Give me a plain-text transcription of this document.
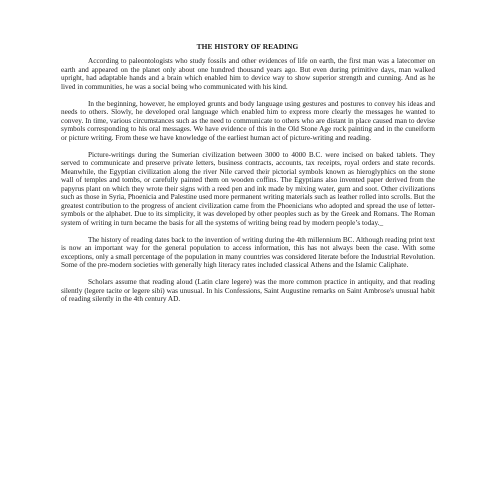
THE HISTORY OF READING

According to paleontologists who study fossils and other evidences of life on earth, the first man was a latecomer on earth and appeared on the planet only about one hundred thousand years ago. But even during primitive days, man walked upright, had adaptable hands and a brain which enabled him to device way to show superior strength and cunning. And as he lived in communities, he was a social being who communicated with his kind.

In the beginning, however, he employed grunts and body language using gestures and postures to convey his ideas and needs to others. Slowly, he developed oral language which enabled him to express more clearly the messages he wanted to convey. In time, various circumstances such as the need to communicate to others who are distant in place caused man to devise symbols corresponding to his oral messages. We have evidence of this in the Old Stone Age rock painting and in the cuneiform or picture writing. From these we have knowledge of the earliest human act of picture-writing and reading.

Picture-writings during the Sumerian civilization between 3000 to 4000 B.C. were incised on baked tablets. They served to communicate and preserve private letters, business contracts, accounts, tax receipts, royal orders and state records. Meanwhile, the Egyptian civilization along the river Nile carved their pictorial symbols known as hieroglyphics on the stone wall of temples and tombs, or carefully painted them on wooden coffins. The Egyptians also invented paper derived from the papyrus plant on which they wrote their signs with a reed pen and ink made by mixing water, gum and soot. Other civilizations such as those in Syria, Phoenicia and Palestine used more permanent writing materials such as leather rolled into scrolls. But the greatest contribution to the progress of ancient civilization came from the Phoenicians who adopted and spread the use of letter-symbols or the alphabet. Due to its simplicity, it was developed by other peoples such as by the Greek and Romans. The Roman system of writing in turn became the basis for all the systems of writing being read by modern people’s today._

The history of reading dates back to the invention of writing during the 4th millennium BC. Although reading print text is now an important way for the general population to access information, this has not always been the case. With some exceptions, only a small percentage of the population in many countries was considered literate before the Industrial Revolution. Some of the pre-modern societies with generally high literacy rates included classical Athens and the Islamic Caliphate.

Scholars assume that reading aloud (Latin clare legere) was the more common practice in antiquity, and that reading silently (legere tacite or legere sibi) was unusual. In his Confessions, Saint Augustine remarks on Saint Ambrose's unusual habit of reading silently in the 4th century AD.
